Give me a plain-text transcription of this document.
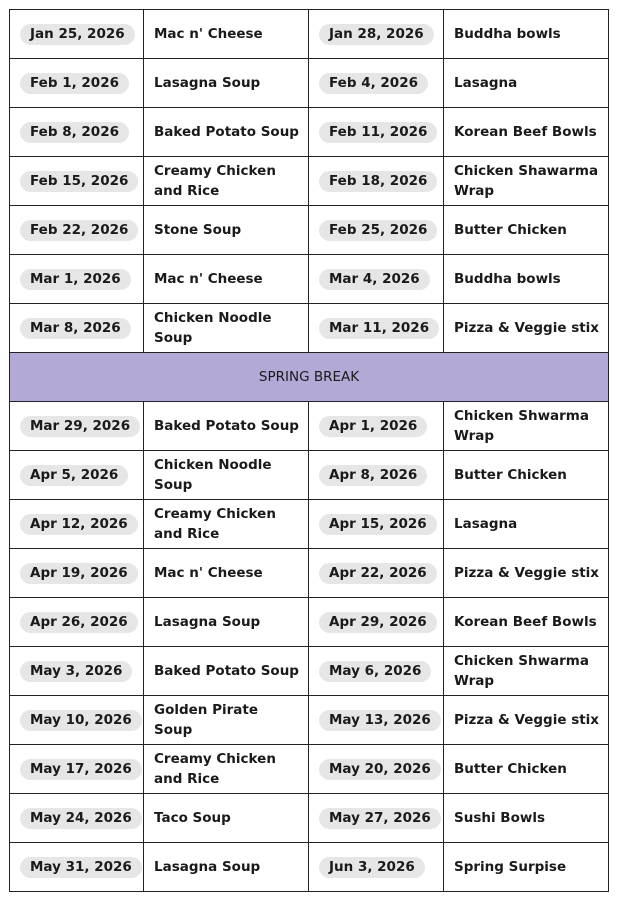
Jan 25, 2026	Mac n' Cheese	Jan 28, 2026	Buddha bowls

Feb 1, 2026	Lasagna Soup	Feb 4, 2026	Lasagna

Feb 8, 2026	Baked Potato Soup	Feb 11, 2026	Korean Beef Bowls

Feb 15, 2026	Creamy Chicken and Rice	Feb 18, 2026	Chicken Shawarma Wrap

Feb 22, 2026	Stone Soup	Feb 25, 2026	Butter Chicken

Mar 1, 2026	Mac n' Cheese	Mar 4, 2026	Buddha bowls

Mar 8, 2026	Chicken Noodle Soup	Mar 11, 2026	Pizza & Veggie stix

SPRING BREAK			
Mar 29, 2026	Baked Potato Soup	Apr 1, 2026	Chicken Shwarma Wrap

Apr 5, 2026	Chicken Noodle Soup	Apr 8, 2026	Butter Chicken

Apr 12, 2026	Creamy Chicken and Rice	Apr 15, 2026	Lasagna

Apr 19, 2026	Mac n' Cheese	Apr 22, 2026	Pizza & Veggie stix

Apr 26, 2026	Lasagna Soup	Apr 29, 2026	Korean Beef Bowls

May 3, 2026	Baked Potato Soup	May 6, 2026	Chicken Shwarma Wrap

May 10, 2026	Golden Pirate Soup	May 13, 2026	Pizza & Veggie stix

May 17, 2026	Creamy Chicken and Rice	May 20, 2026	Butter Chicken

May 24, 2026	Taco Soup	May 27, 2026	Sushi Bowls

May 31, 2026	Lasagna Soup	Jun 3, 2026	Spring Surpise
